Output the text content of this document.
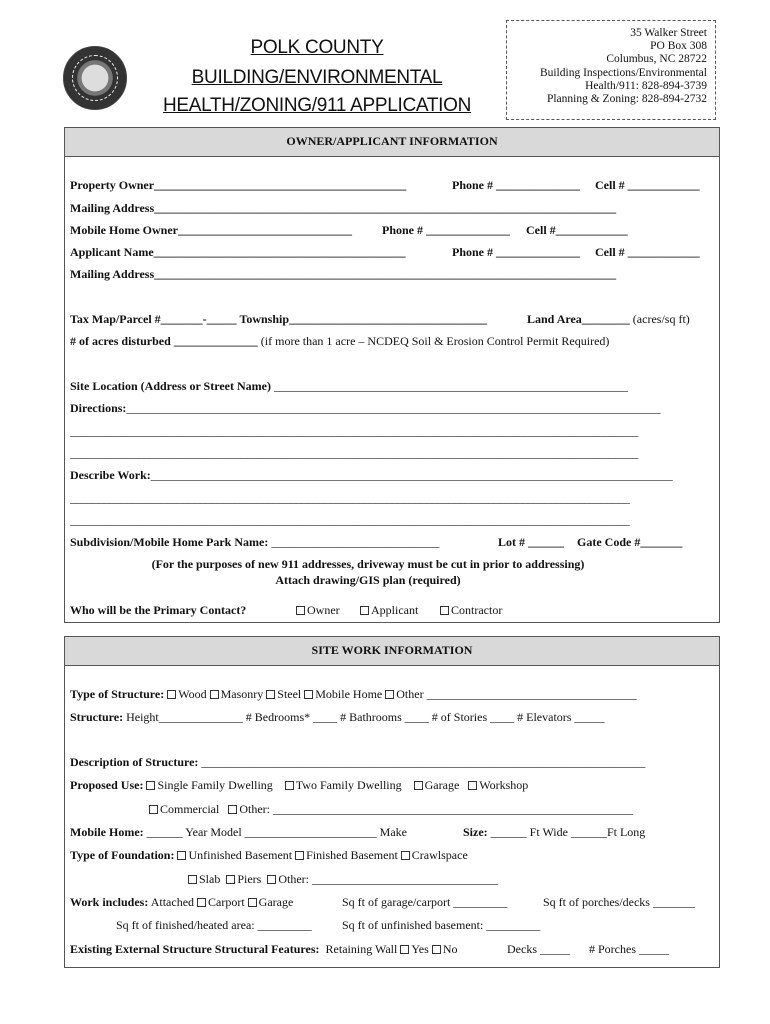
POLK COUNTY
BUILDING/ENVIRONMENTAL
HEALTH/ZONING/911 APPLICATION
35 Walker Street
PO Box 308
Columbus, NC 28722
Building Inspections/Environmental
Health/911: 828-894-3739
Planning & Zoning: 828-894-2732
OWNER/APPLICANT INFORMATION
Property Owner__________________________________________	Phone # ______________ Cell # ____________
Mailing Address_____________________________________________________________________________
Mobile Home Owner_____________________________	Phone # ______________ Cell #____________
Applicant Name__________________________________________	Phone # ______________ Cell # ____________
Mailing Address_____________________________________________________________________________
Tax Map/Parcel #_______-_____ Township_________________________________	Land Area________ (acres/sq ft)
# of acres disturbed ______________ (if more than 1 acre – NCDEQ Soil & Erosion Control Permit Required)
Site Location (Address or Street Name) ___________________________________________________________
Directions:_________________________________________________________________________________________
____________________________________________________________________________________________________
____________________________________________________________________________________________________
Describe Work:_______________________________________________________________________________________
___________________________________________________________________________________________________
___________________________________________________________________________________________________
Subdivision/Mobile Home Park Name: ____________________________	Lot # ______ Gate Code #_______
(For the purposes of new 911 addresses, driveway must be cut in prior to addressing)
Attach drawing/GIS plan (required)
Who will be the Primary Contact?	Owner	Applicant	Contractor
SITE WORK INFORMATION
Type of Structure: Wood Masonry Steel Mobile Home Other ___________________________________
Structure: Height______________ # Bedrooms* ____ # Bathrooms ____ # of Stories ____ # Elevators _____
Description of Structure: __________________________________________________________________________
Proposed Use: Single Family Dwelling Two Family Dwelling Garage Workshop
Commercial Other: ____________________________________________________________
Mobile Home: ______ Year Model ______________________ Make	Size: ______ Ft Wide ______Ft Long
Type of Foundation: Unfinished Basement Finished Basement Crawlspace
Slab Piers Other: _______________________________
Work includes: Attached Carport Garage	Sq ft of garage/carport _________	Sq ft of porches/decks _______
Sq ft of finished/heated area: _________	Sq ft of unfinished basement: _________
Existing External Structure Structural Features: Retaining Wall Yes No	Decks _____ # Porches _____
